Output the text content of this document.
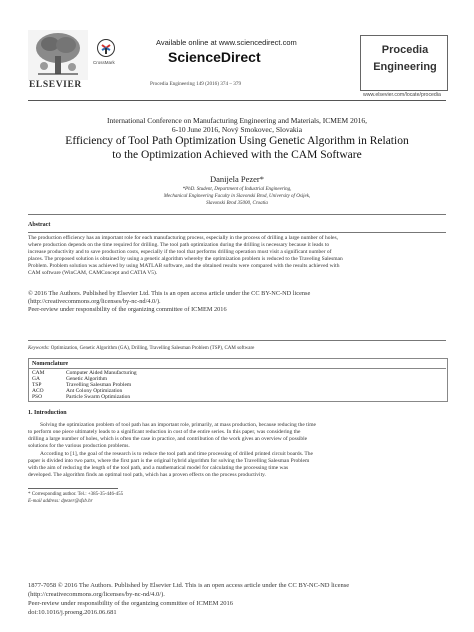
ELSEVIER
CrossMark
Available online at www.sciencedirect.com
ScienceDirect
Procedia Engineering 149 (2016) 374 – 379
Procedia
Engineering
www.elsevier.com/locate/procedia
International Conference on Manufacturing Engineering and Materials, ICMEM 2016,
6-10 June 2016, Nový Smokovec, Slovakia
Efficiency of Tool Path Optimization Using Genetic Algorithm in Relation
to the Optimization Achieved with the CAM Software
Danijela Pezer*
*PhD. Student, Department of Industrial Engineering,
Mechanical Engineering Faculty in Slavonski Brod, University of Osijek,
Slavonski Brod 35000, Croatia
Abstract
The production efficiency has an important role for each manufacturing process, especially in the process of drilling a large number of holes,
where production depends on the time required for drilling. The tool path optimization during the drilling is necessary because it leads to
increase productivity and to save production costs, especially if the tool that performs drilling operation must visit a significant number of
places. The proposed solution is obtained by using a genetic algorithm whereby the optimization problem is reduced to the Traveling Salesman
Problem. Problem solution was achieved by using MATLAB software, and the obtained results were compared with the results achieved with
CAM software (WinCAM, CAMConcept and CATIA V5).
© 2016 The Authors. Published by Elsevier Ltd. This is an open access article under the CC BY-NC-ND license
(http://creativecommons.org/licenses/by-nc-nd/4.0/).
Peer-review under responsibility of the organizing committee of ICMEM 2016
Keywords: Optimization, Genetic Algorithm (GA), Drilling, Travelling Salesman Problem (TSP), CAM software
Nomenclature
CAM	Computer Aided Manufacturing
GA	Genetic Algorithm
TSP	Travelling Salesman Problem
ACO	Ant Colony Optimization
PSO	Particle Swarm Optimization
1. Introduction
Solving the optimization problem of tool path has an important role, primarily, at mass production, because reducing the time
to perform one piece ultimately leads to a significant reduction in cost of the entire series. In this paper, was considering the
drilling a large number of holes, which is often the case in practice, and contribution of the work gives an overview of possible
solutions for the various production problems.
According to [1], the goal of the research is to reduce the tool path and time processing of drilled printed circuit boards. The
paper is divided into two parts, where the first part is the original hybrid algorithm for solving the Travelling Salesman Problem
with the aim of reducing the length of the tool path, and a mathematical model for calculating the processing time was
developed. The algorithm finds an optimal tool path, which has a proven effects on the process productivity.
* Corresponding author. Tel.: +385-35-446-455
E-mail address: dpezer@sfsb.hr
1877-7058 © 2016 The Authors. Published by Elsevier Ltd. This is an open access article under the CC BY-NC-ND license
(http://creativecommons.org/licenses/by-nc-nd/4.0/).
Peer-review under responsibility of the organizing committee of ICMEM 2016
doi:10.1016/j.proeng.2016.06.681
